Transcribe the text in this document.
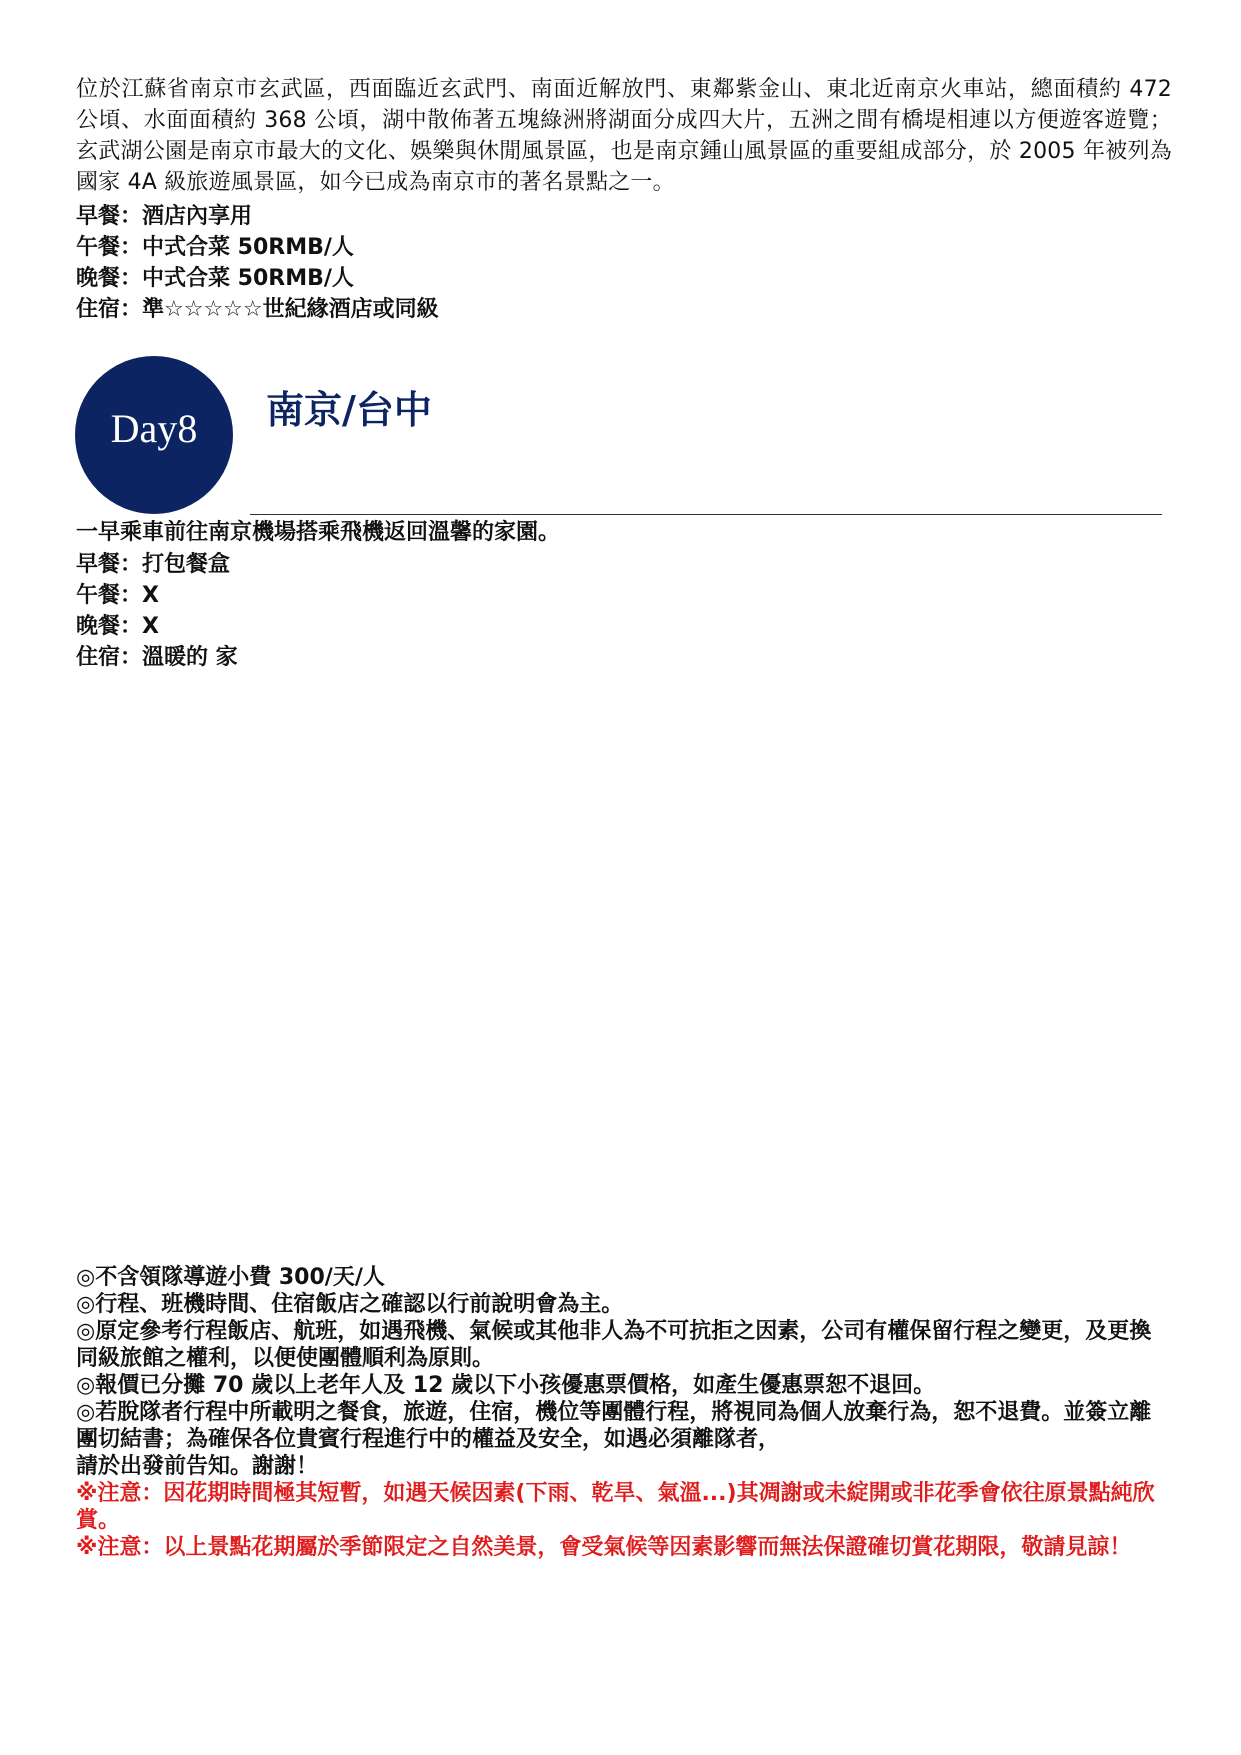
位於江蘇省南京市玄武區，西面臨近玄武門、南面近解放門、東鄰紫金山、東北近南京火車站，總面積約 472 公頃、水面面積約 368 公頃，湖中散佈著五塊綠洲將湖面分成四大片，五洲之間有橋堤相連以方便遊客遊覽；玄武湖公園是南京市最大的文化、娛樂與休閒風景區，也是南京鍾山風景區的重要組成部分，於 2005 年被列為國家 4A 級旅遊風景區，如今已成為南京市的著名景點之一。

早餐：酒店內享用
午餐：中式合菜 50RMB/人
晚餐：中式合菜 50RMB/人
住宿：準☆☆☆☆☆世紀緣酒店或同級
Day8	南京/台中

一早乘車前往南京機場搭乘飛機返回溫馨的家園。

早餐：打包餐盒
午餐：X
晚餐：X
住宿：溫暖的 家
◎不含領隊導遊小費 300/天/人
◎行程、班機時間、住宿飯店之確認以行前說明會為主。
◎原定參考行程飯店、航班，如遇飛機、氣候或其他非人為不可抗拒之因素，公司有權保留行程之變更，及更換同級旅館之權利，以便使團體順利為原則。
◎報價已分攤 70 歲以上老年人及 12 歲以下小孩優惠票價格，如產生優惠票恕不退回。
◎若脫隊者行程中所載明之餐食，旅遊，住宿，機位等團體行程，將視同為個人放棄行為，恕不退費。並簽立離團切結書；為確保各位貴賓行程進行中的權益及安全，如遇必須離隊者，
請於出發前告知。謝謝！
※注意：因花期時間極其短暫，如遇天候因素(下雨、乾旱、氣溫...)其凋謝或未綻開或非花季會依往原景點純欣賞。
※注意：以上景點花期屬於季節限定之自然美景，會受氣候等因素影響而無法保證確切賞花期限，敬請見諒！
